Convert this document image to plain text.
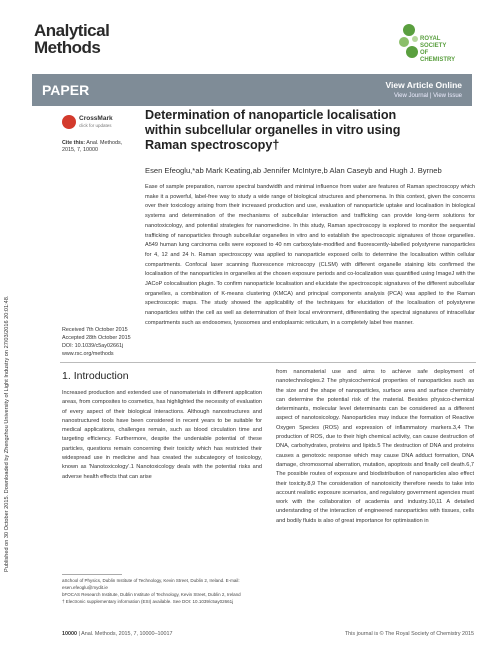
Published on 30 October 2015. Downloaded by Zhengzhou University of Light Industry on 27/03/2016 20:01:48.
Analytical
Methods	ROYAL SOCIETY
OF CHEMISTRY
PAPER	View Article Online
View Journal | View Issue
CrossMark
click for updates
Cite this: Anal. Methods, 2015, 7, 10000
Determination of nanoparticle localisation within subcellular organelles in vitro using Raman spectroscopy†
Esen Efeoglu,*ab Mark Keating,ab Jennifer McIntyre,b Alan Caseyb and Hugh J. Byrneb
Ease of sample preparation, narrow spectral bandwidth and minimal influence from water are features of Raman spectroscopy which make it a powerful, label-free way to study a wide range of biological structures and phenomena. In this context, given the concerns over their toxicology arising from their increased production and use, evaluation of nanoparticle uptake and localisation in biological systems and determination of the mechanisms of subcellular interaction and trafficking can provide long-term solutions for nanotoxicology, and potential strategies for nanomedicine. In this study, Raman spectroscopy is explored to monitor the sequential trafficking of nanoparticles through subcellular organelles in vitro and to establish the spectroscopic signatures of those organelles. A549 human lung carcinoma cells were exposed to 40 nm carboxylate-modified and fluorescently-labelled polystyrene nanoparticles for 4, 12 and 24 h. Raman spectroscopy was applied to nanoparticle exposed cells to determine the localisation within cellular compartments. Confocal laser scanning fluorescence microscopy (CLSM) with different organelle staining kits confirmed the localisation of the nanoparticles in organelles at the chosen exposure periods and co-localization was quantified using ImageJ with the JACoP colocalisation plugin. To confirm nanoparticle localisation and elucidate the spectroscopic signatures of the different subcellular organelles, a combination of K-means clustering (KMCA) and principal components analysis (PCA) was applied to the Raman spectroscopic maps. The study showed the applicability of the techniques for elucidation of the localisation of polystyrene nanoparticles within the cell as well as determination of their local environment, differentiating the spectral signatures of intracellular compartments such as endosomes, lysosomes and endoplasmic reticulum, in a completely label free manner.
Received 7th October 2015
Accepted 28th October 2015
DOI: 10.1039/c5ay02661j
www.rsc.org/methods
1. Introduction
Increased production and extended use of nanomaterials in different application areas, from composites to cosmetics, has highlighted the necessity of evaluation of every aspect of their biological interactions. Although nanostructures and nanostructured tools have been considered in recent years to be suitable for medical applications, challenges remain, such as blood circulation time and targeting efficiency. Furthermore, despite the undeniable potential of these particles, questions remain concerning their toxicity which has restricted their widespread use in medicine and has created the subcategory of toxicology, known as 'Nanotoxicology'.1 Nanotoxicology deals with the potential risks and adverse health effects that can arise
from nanomaterial use and aims to achieve safe deployment of nanotechnologies.2 The physicochemical properties of nanoparticles such as the size and the shape of nanoparticles, surface area and surface chemistry can determine the potential risk of the material. Besides physico-chemical determinants, molecular level determinants can be considered as a different aspect of nanotoxicology. Nanoparticles may induce the formation of Reactive Oxygen Species (ROS) and expression of inflammatory markers.3,4 The production of ROS, due to their high chemical activity, can cause destruction of DNA, carbohydrates, proteins and lipids.5 The destruction of DNA and proteins causes a genotoxic response which may cause DNA adduct formation, DNA damage, chromosomal aberration, mutation, apoptosis and finally cell death.6,7 The possible routes of exposure and biodistribution of nanoparticles also effect their toxicity.8,9 The consideration of nanotoxicity therefore needs to take into account realistic exposure scenarios, and regulatory government agencies must work with the collaboration of academia and industry.10,11 A detailed understanding of the interaction of engineered nanoparticles with tissues, cells and bodily fluids is also of great importance for optimisation in
aSchool of Physics, Dublin Institute of Technology, Kevin Street, Dublin 2, Ireland. E-mail: esen.efeoglu@mydit.ie
bFOCAS Research Institute, Dublin Institute of Technology, Kevin Street, Dublin 2, Ireland
† Electronic supplementary information (ESI) available. See DOI: 10.1039/c5ay02661j
10000 | Anal. Methods, 2015, 7, 10000–10017	This journal is © The Royal Society of Chemistry 2015
